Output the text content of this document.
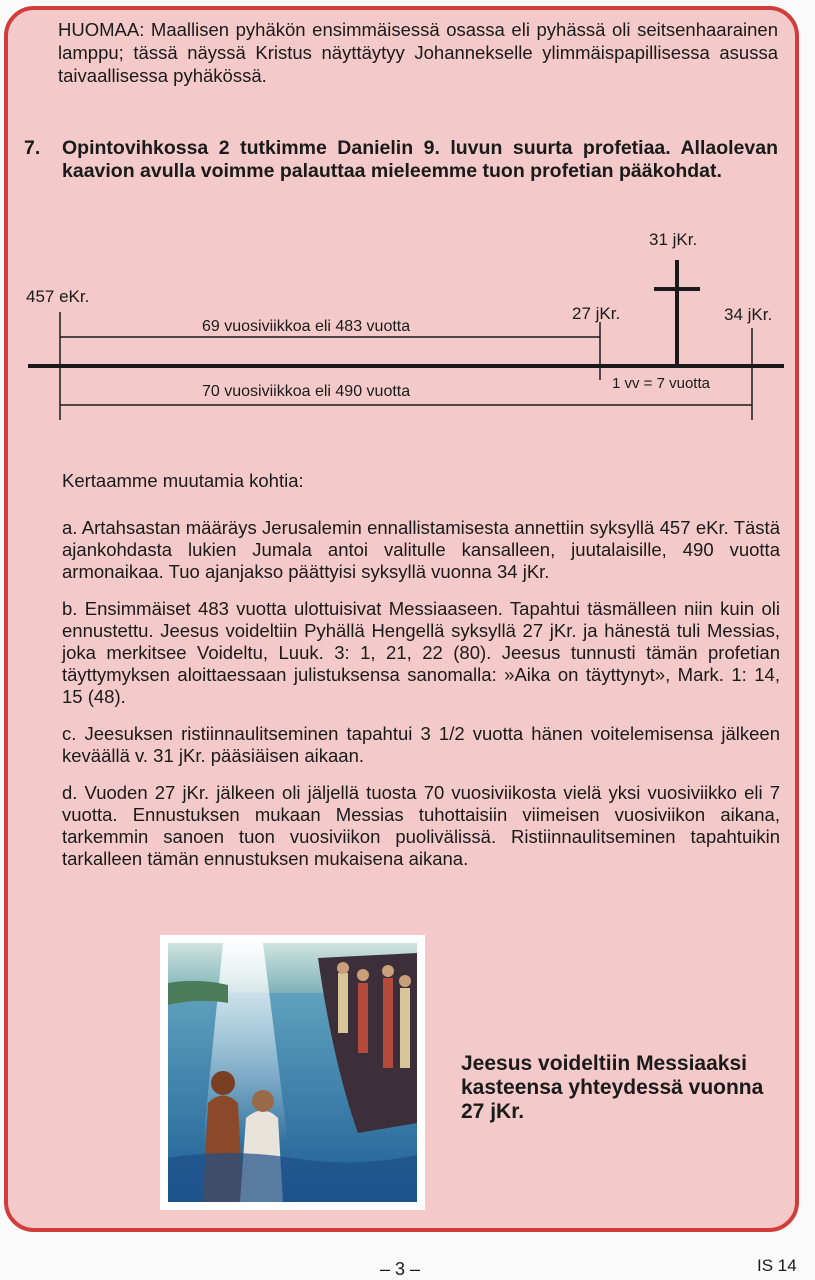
HUOMAA: Maallisen pyhäkön ensimmäisessä osassa eli pyhässä oli seitsenhaarainen lamppu; tässä näyssä Kristus näyttäytyy Johannekselle ylimmäispapillisessa asussa taivaallisessa pyhäkössä.

7. Opintovihkossa 2 tutkimme Danielin 9. luvun suurta profetiaa. Allaolevan kaavion avulla voimme palauttaa mieleemme tuon profetian pääkohdat.

457 eKr.
27 jKr.
31 jKr.
34 jKr.
69 vuosiviikkoa eli 483 vuotta
70 vuosiviikkoa eli 490 vuotta	1 vv = 7 vuotta

Kertaamme muutamia kohtia:

a. Artahsastan määräys Jerusalemin ennallistamisesta annettiin syksyllä 457 eKr. Tästä ajankohdasta lukien Jumala antoi valitulle kansalleen, juutalaisille, 490 vuotta armonaikaa. Tuo ajanjakso päättyisi syksyllä vuonna 34 jKr.

b. Ensimmäiset 483 vuotta ulottuisivat Messiaaseen. Tapahtui täsmälleen niin kuin oli ennustettu. Jeesus voideltiin Pyhällä Hengellä syksyllä 27 jKr. ja hänestä tuli Messias, joka merkitsee Voideltu, Luuk. 3: 1, 21, 22 (80). Jeesus tunnusti tämän profetian täyttymyksen aloittaessaan julistuksensa sanomalla: »Aika on täyttynyt», Mark. 1: 14, 15 (48).

c. Jeesuksen ristiinnaulitseminen tapahtui 3 1/2 vuotta hänen voitelemisensa jälkeen keväällä v. 31 jKr. pääsiäisen aikaan.

d. Vuoden 27 jKr. jälkeen oli jäljellä tuosta 70 vuosiviikosta vielä yksi vuosiviikko eli 7 vuotta. Ennustuksen mukaan Messias tuhottaisiin viimeisen vuosiviikon aikana, tarkemmin sanoen tuon vuosiviikon puolivälissä. Ristiinnaulitseminen tapahtuikin tarkalleen tämän ennustuksen mukaisena aikana.

Jeesus voideltiin Messiaaksi kasteensa yhteydessä vuonna 27 jKr.

– 3 –	IS 14
